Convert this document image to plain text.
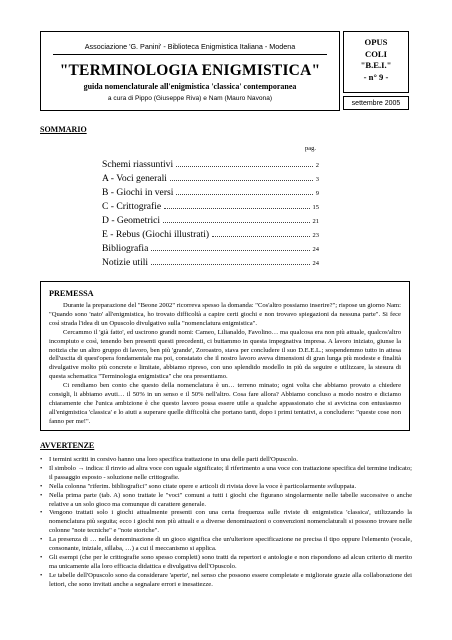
Associazione 'G. Panini' - Biblioteca Enigmistica Italiana - Modena
"TERMINOLOGIA ENIGMISTICA"
guida nomenclaturale all'enigmistica 'classica' contemporanea
a cura di Pippo (Giuseppe Riva) e Nam (Mauro Navona)
OPUS
COLI
"B.E.I."
- n° 9 -
settembre 2005
SOMMARIO
pag.
Schemi riassuntivi	2
A - Voci generali	3
B - Giochi in versi	9
C - Crittografie	15
D - Geometrici	21
E - Rebus (Giochi illustrati)	23
Bibliografia	24
Notizie utili	24
PREMESSA

Durante la preparazione del "Beone 2002" ricorreva spesso la domanda: "Cos'altro possiamo inserire?"; rispose un giorno Nam: "Quando sono 'nato' all'enigmistica, ho trovato difficoltà a capire certi giochi e non trovavo spiegazioni da nessuna parte". Si fece così strada l'idea di un Opuscolo divulgativo sulla "nomenclatura enigmistica".

Cercammo il 'già fatto', ed uscirono grandi nomi: Cameo, Lilianaldo, Favolino… ma qualcosa era non più attuale, qualcos'altro incompiuto e così, tenendo ben presenti questi precedenti, ci buttammo in questa impegnativa impresa. A lavoro iniziato, giunse la notizia che un altro gruppo di lavoro, ben più 'grande', Zoroastro, stava per concludere il suo D.E.E.L.; sospendemmo tutto in attesa dell'uscita di quest'opera fondamentale ma poi, constatato che il nostro lavoro aveva dimensioni di gran lunga più modeste e finalità divulgative molto più concrete e limitate, abbiamo ripreso, con uno splendido modello in più da seguire e utilizzare, la stesura di questa schematica "Terminologia enigmistica" che ora presentiamo.

Ci rendiamo ben conto che questo della nomenclatura è un… terreno minato; ogni volta che abbiamo provato a chiedere consigli, li abbiamo avuti… il 50% in un senso e il 50% nell'altro. Cosa fare allora? Abbiamo concluso a modo nostro e diciamo chiaramente che l'unica ambizione è che questo lavoro possa essere utile a qualche appassionato che si avvicina con entusiasmo all'enigmistica 'classica' e lo aiuti a superare quelle difficoltà che portano tanti, dopo i primi tentativi, a concludere: "queste cose non fanno per me!".

AVVERTENZE
• I termini scritti in corsivo hanno una loro specifica trattazione in una delle parti dell'Opuscolo.
• Il simbolo → indica: il rinvio ad altra voce con uguale significato; il riferimento a una voce con trattazione specifica del termine indicato; il passaggio esposto - soluzione nelle crittografie.
• Nella colonna "riferim. bibliografici" sono citate opere e articoli di rivista dove la voce è particolarmente sviluppata.
• Nella prima parte (tab. A) sono trattate le "voci" comuni a tutti i giochi che figurano singolarmente nelle tabelle successive o anche relative a un solo gioco ma comunque di carattere generale.
• Vengono trattati solo i giochi attualmente presenti con una certa frequenza sulle riviste di enigmistica 'classica', utilizzando la nomenclatura più seguita; ecco i giochi non più attuali e a diverse denominazioni o convenzioni nomenclaturali si possono trovare nelle colonne "note tecniche" e "note storiche".
• La presenza di … nella denominazione di un gioco significa che un'ulteriore specificazione ne precisa il tipo oppure l'elemento (vocale, consonante, iniziale, sillaba, …) a cui il meccanismo si applica.
• Gli esempi (che per le crittografie sono spesso completi) sono tratti da repertori e antologie e non rispondono ad alcun criterio di merito ma unicamente alla loro efficacia didattica e divulgativa dell'Opuscolo.
• Le tabelle dell'Opuscolo sono da considerare 'aperte', nel senso che possono essere completate e migliorate grazie alla collaborazione dei lettori, che sono invitati anche a segnalare errori e inesattezze.
